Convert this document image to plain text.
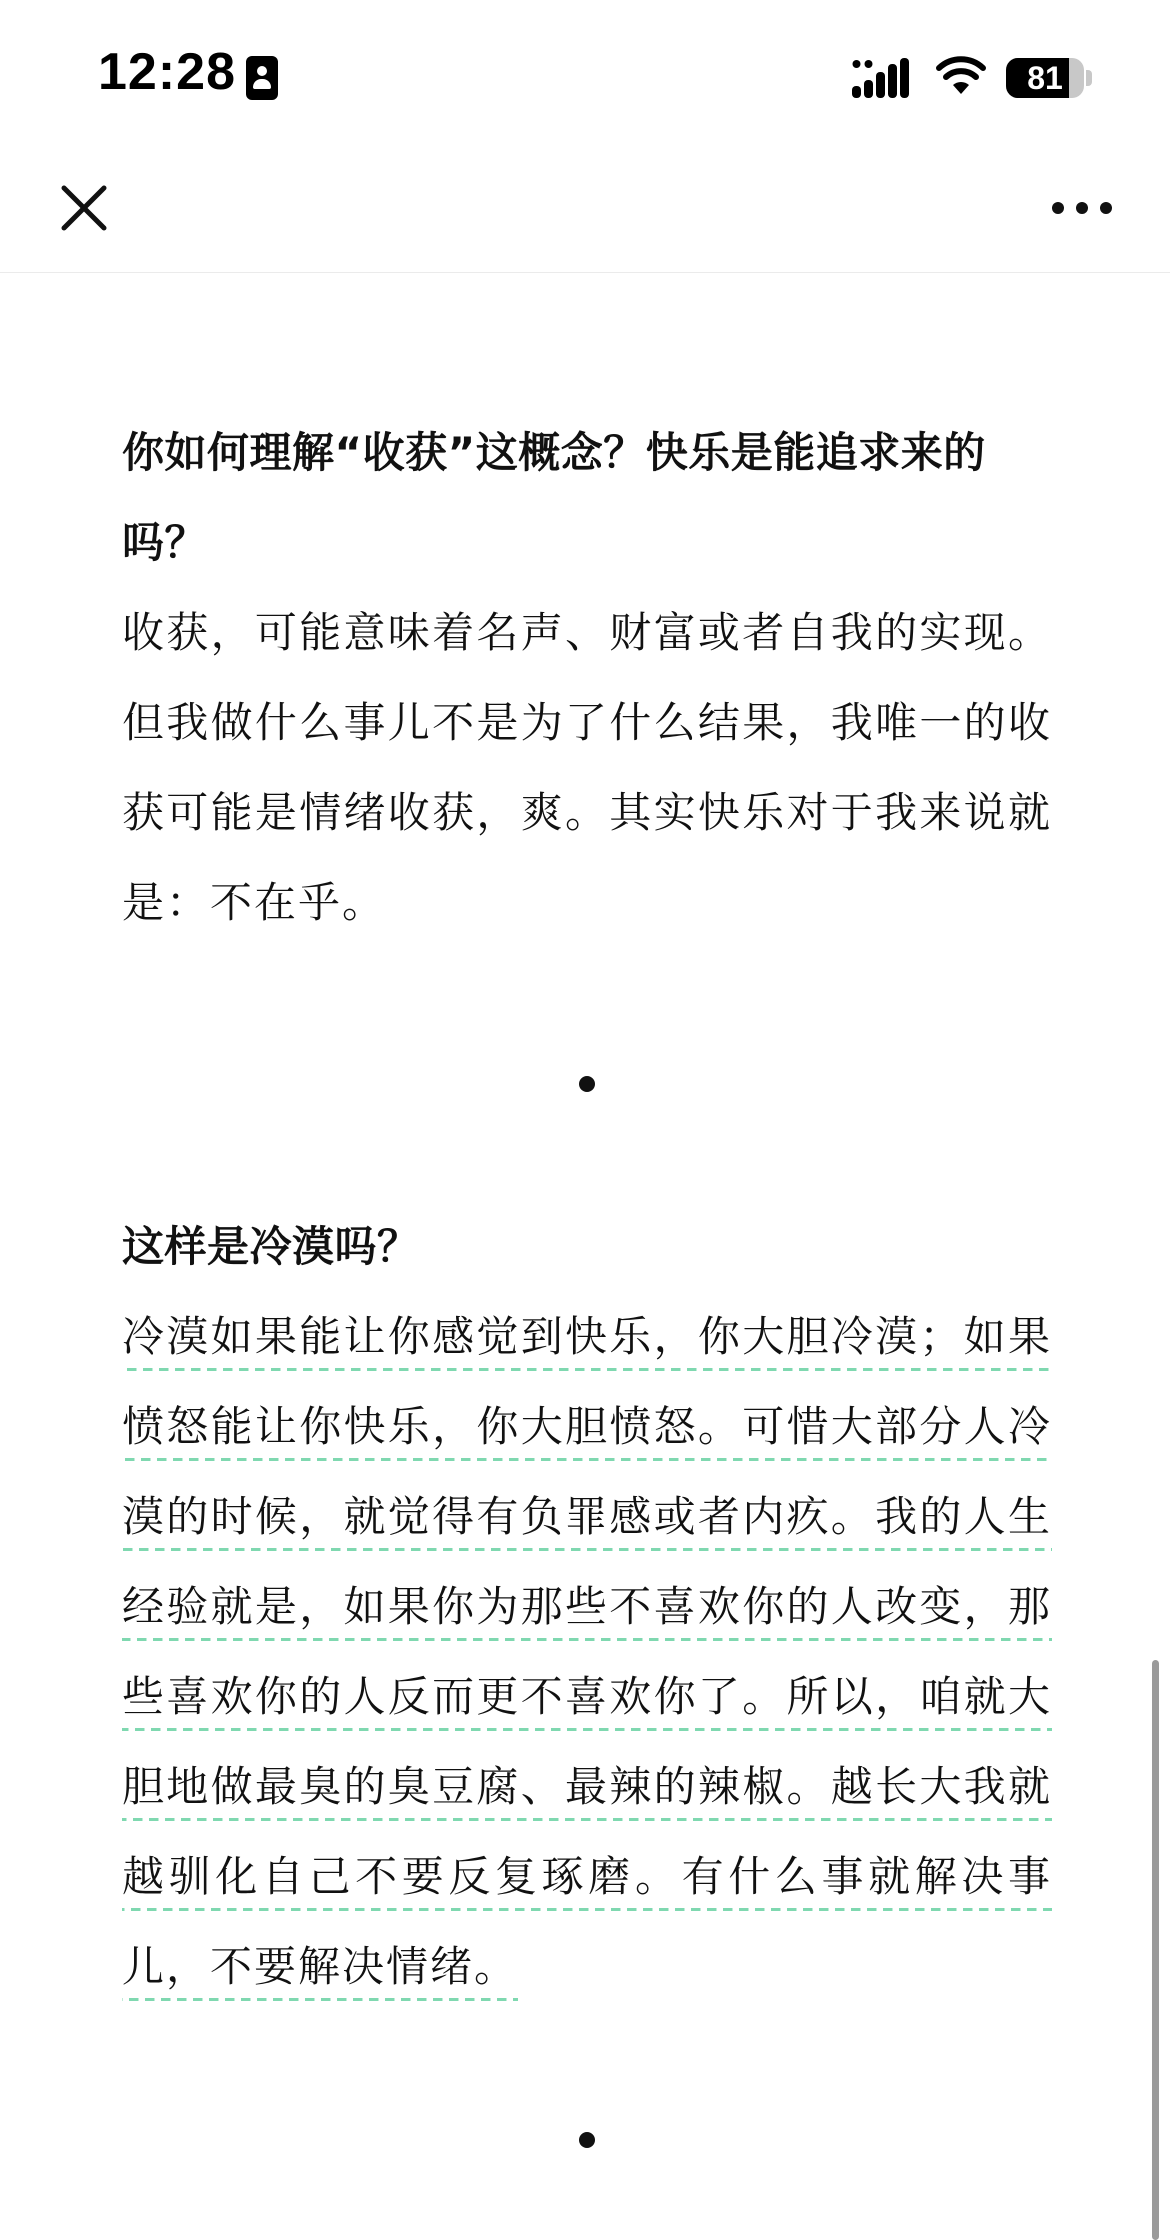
12:28	81
你如何理解“收获”这概念？快乐是能追求来的吗？

收获，可能意味着名声、财富或者自我的实现。但我做什么事儿不是为了什么结果，我唯一的收获可能是情绪收获，爽。其实快乐对于我来说就是：不在乎。

这样是冷漠吗？

冷漠如果能让你感觉到快乐，你大胆冷漠；如果愤怒能让你快乐，你大胆愤怒。可惜大部分人冷漠的时候，就觉得有负罪感或者内疚。我的人生经验就是，如果你为那些不喜欢你的人改变，那些喜欢你的人反而更不喜欢你了。所以，咱就大胆地做最臭的臭豆腐、最辣的辣椒。越长大我就越驯化自己不要反复琢磨。有什么事就解决事儿，不要解决情绪。
